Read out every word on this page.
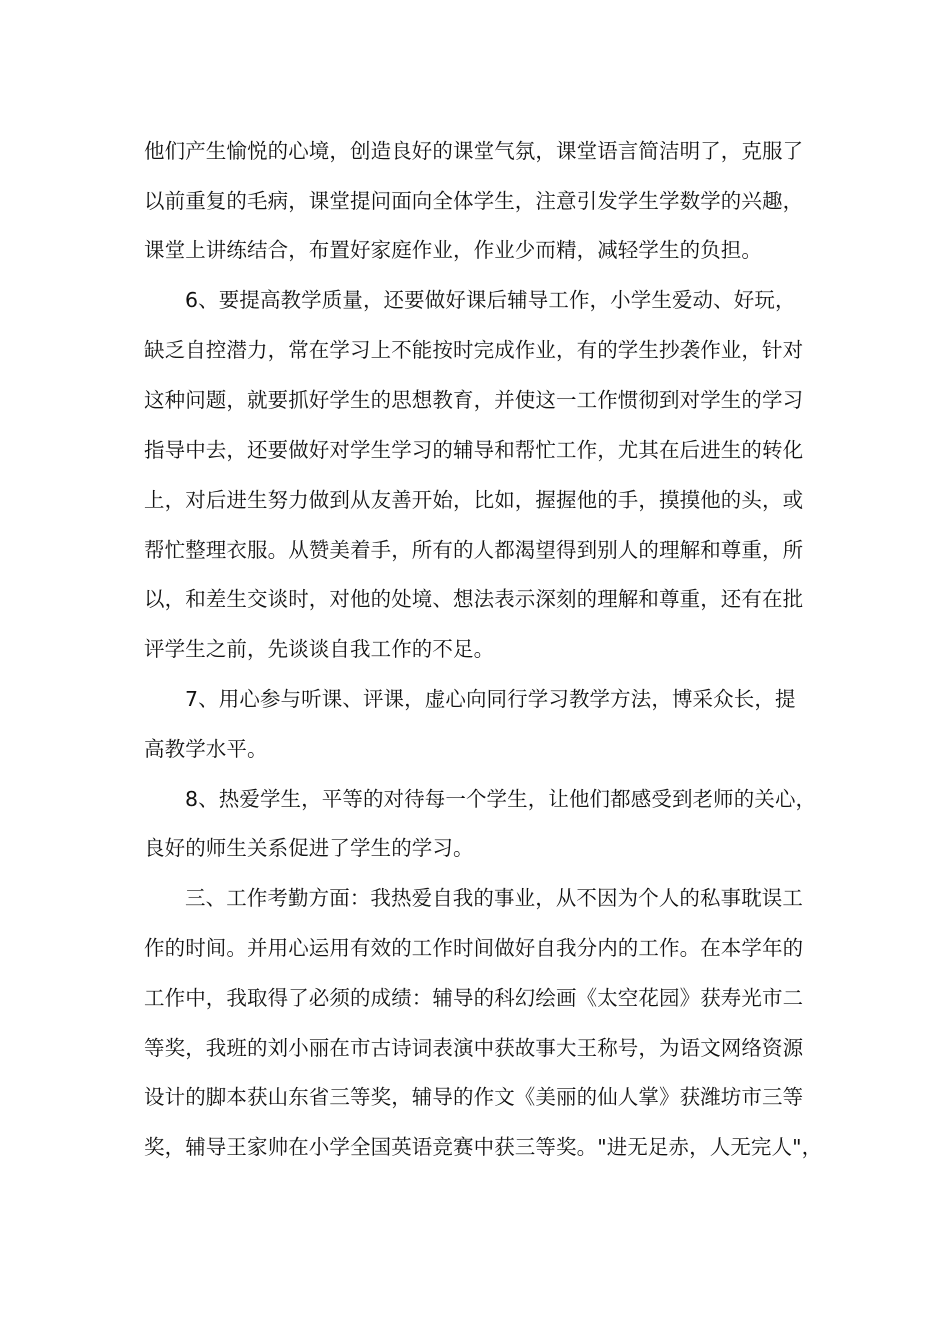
他们产生愉悦的心境，创造良好的课堂气氛，课堂语言简洁明了，克服了
以前重复的毛病，课堂提问面向全体学生，注意引发学生学数学的兴趣，
课堂上讲练结合，布置好家庭作业，作业少而精，减轻学生的负担。
6、要提高教学质量，还要做好课后辅导工作，小学生爱动、好玩，
缺乏自控潜力，常在学习上不能按时完成作业，有的学生抄袭作业，针对
这种问题，就要抓好学生的思想教育，并使这一工作惯彻到对学生的学习
指导中去，还要做好对学生学习的辅导和帮忙工作，尤其在后进生的转化
上，对后进生努力做到从友善开始，比如，握握他的手，摸摸他的头，或
帮忙整理衣服。从赞美着手，所有的人都渴望得到别人的理解和尊重，所
以，和差生交谈时，对他的处境、想法表示深刻的理解和尊重，还有在批
评学生之前，先谈谈自我工作的不足。
7、用心参与听课、评课，虚心向同行学习教学方法，博采众长，提
高教学水平。
8、热爱学生，平等的对待每一个学生，让他们都感受到老师的关心，
良好的师生关系促进了学生的学习。
三、工作考勤方面：我热爱自我的事业，从不因为个人的私事耽误工
作的时间。并用心运用有效的工作时间做好自我分内的工作。在本学年的
工作中，我取得了必须的成绩：辅导的科幻绘画《太空花园》获寿光市二
等奖，我班的刘小丽在市古诗词表演中获故事大王称号，为语文网络资源
设计的脚本获山东省三等奖，辅导的作文《美丽的仙人掌》获潍坊市三等
奖，辅导王家帅在小学全国英语竞赛中获三等奖。"进无足赤，人无完人"，
